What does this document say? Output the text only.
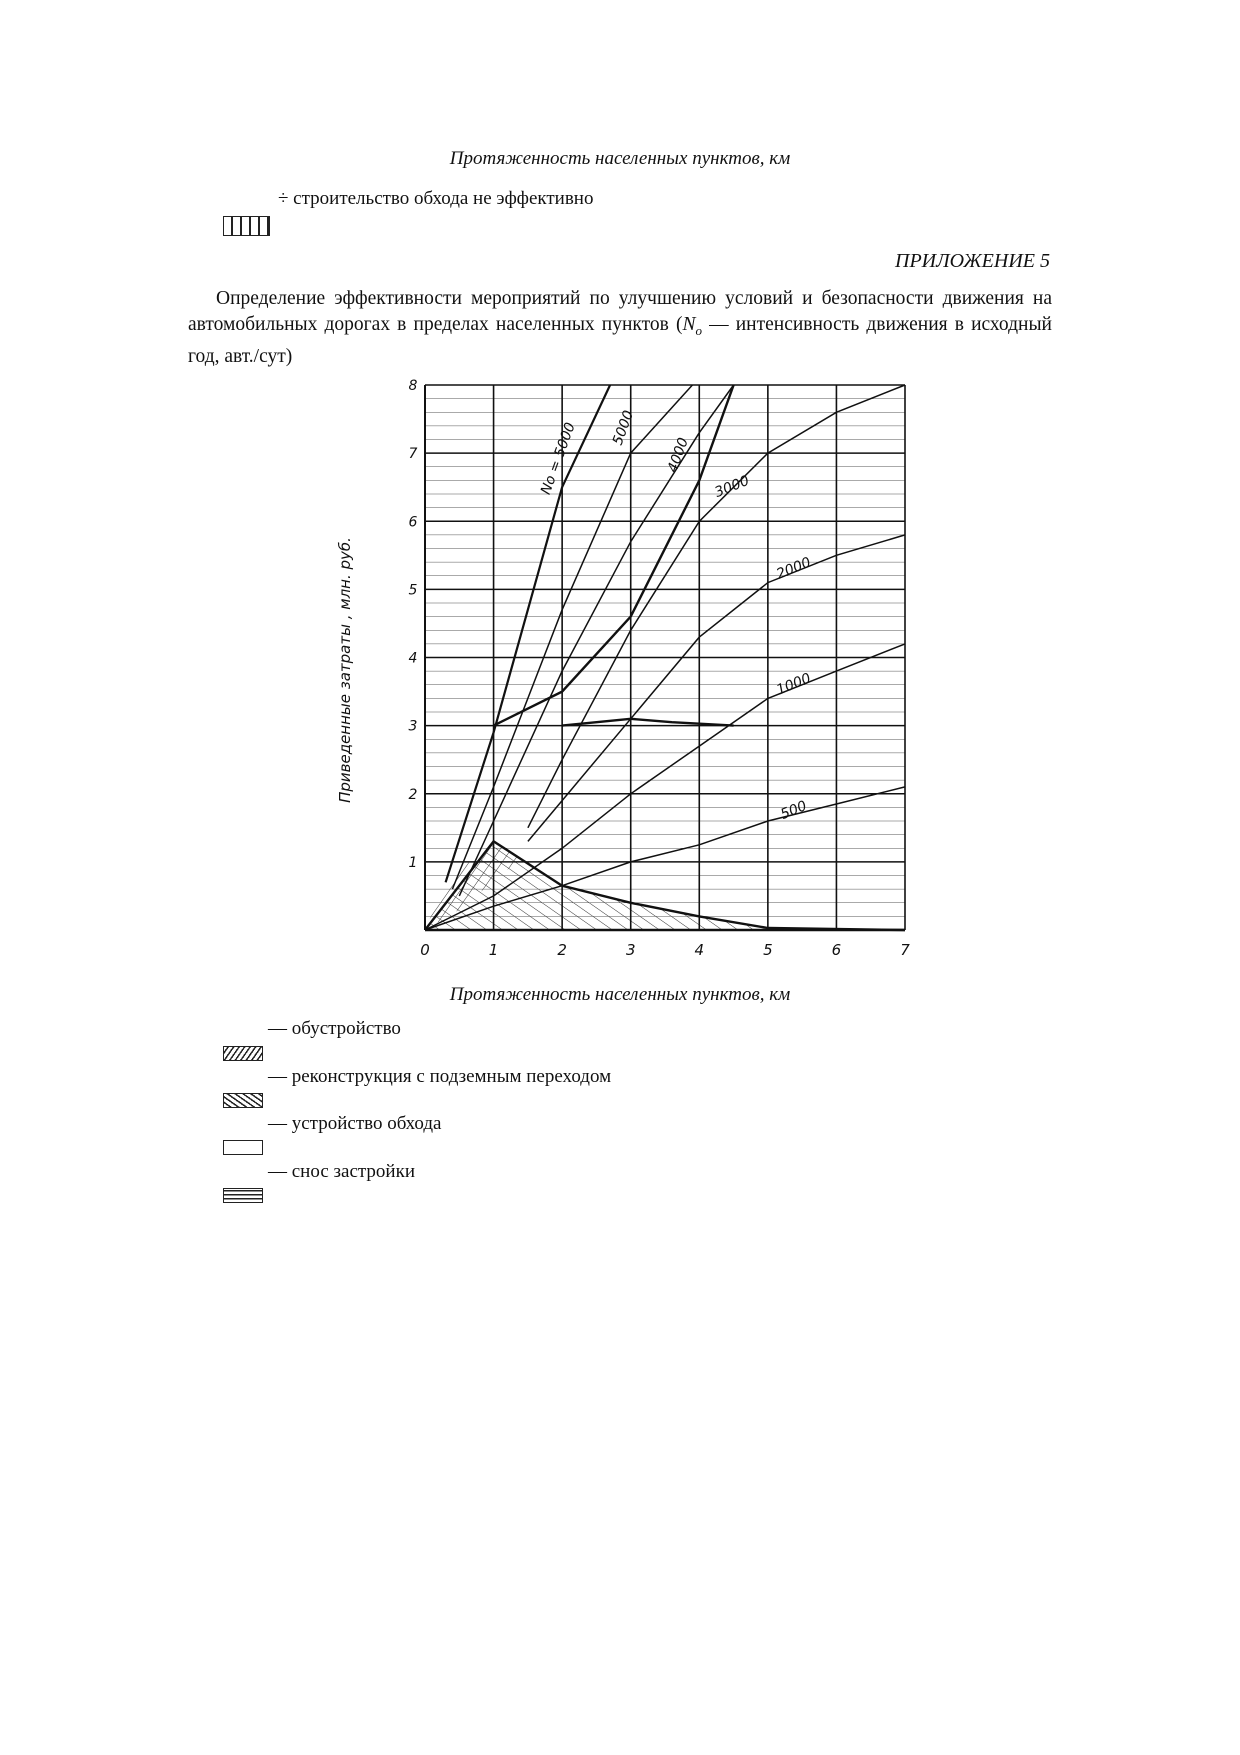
Протяженность населенных пунктов, км
÷ строительство обхода не эффективно
ПРИЛОЖЕНИЕ 5
Определение эффективности мероприятий по улучшению условий и безопасности движения на автомобильных дорогах в пределах населенных пунктов ($N_o$ — интенсивность движения в исходный год, авт./сут)
No = 5000 5000
4000
3000
2000
1000
500
0	1	2	3	4	5	6	7
1
2
3
4
5
6
7
8
Приведенные затраты , млн. руб.
Протяженность населенных пунктов, км
— обустройство
— реконструкция с подземным переходом
— устройство обхода
— снос застройки
